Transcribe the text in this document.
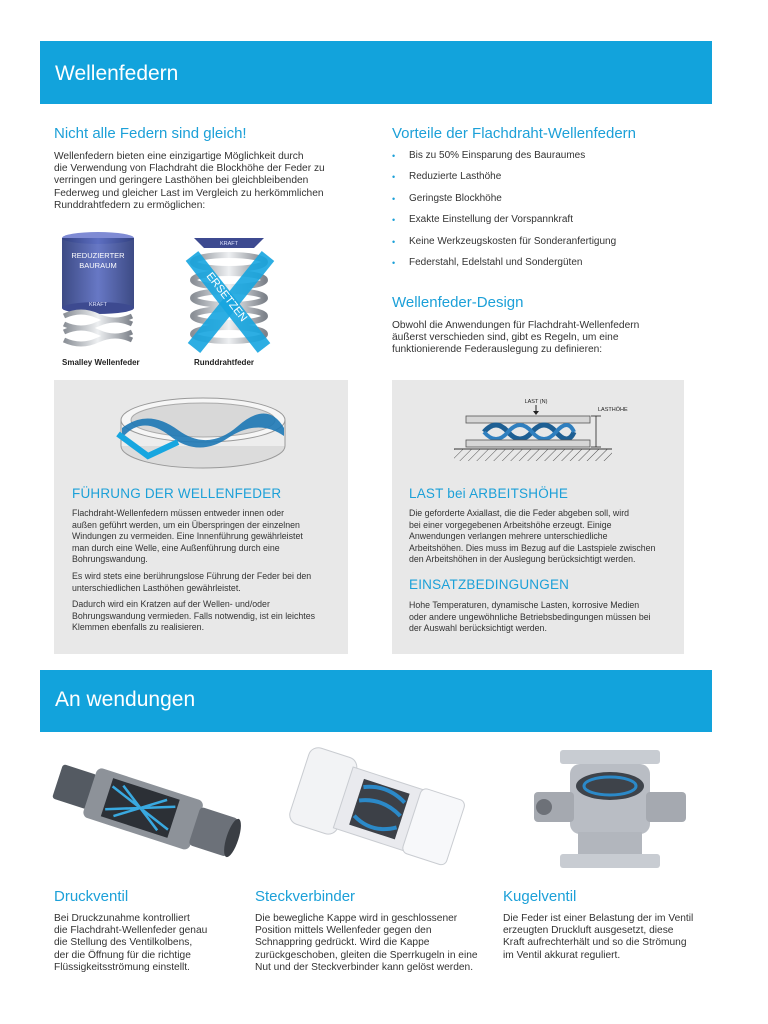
Wellenfedern
Nicht alle Federn sind gleich!
Wellenfedern bieten eine einzigartige Möglichkeit durch
die Verwendung von Flachdraht die Blockhöhe der Feder zu
verringen und geringere Lasthöhen bei gleichbleibenden
Federweg und gleicher Last im Vergleich zu herkömmlichen
Runddrahtfedern zu ermöglichen:
REDUZIERTER
BAURAUM
KRAFT
KRAFT
ERSETZEN
Smalley Wellenfeder	Runddrahtfeder
Vorteile der Flachdraht-Wellenfedern
• Bis zu 50% Einsparung des Bauraumes
• Reduzierte Lasthöhe
• Geringste Blockhöhe
• Exakte Einstellung der Vorspannkraft
• Keine Werkzeugskosten für Sonderanfertigung
• Federstahl, Edelstahl und Sondergüten
Wellenfeder-Design
Obwohl die Anwendungen für Flachdraht-Wellenfedern
äußerst verschieden sind, gibt es Regeln, um eine
funktionierende Federauslegung zu definieren:
FÜHRUNG DER WELLENFEDER
Flachdraht-Wellenfedern müssen entweder innen oder
außen geführt werden, um ein Überspringen der einzelnen
Windungen zu vermeiden. Eine Innenführung gewährleistet
man durch eine Welle, eine Außenführung durch eine
Bohrungswandung.
Es wird stets eine berührungslose Führung der Feder bei den
unterschiedlichen Lasthöhen gewährleistet.
Dadurch wird ein Kratzen auf der Wellen- und/oder
Bohrungswandung vermieden. Falls notwendig, ist ein leichtes
Klemmen ebenfalls zu realisieren.
LAST (N)
LASTHÖHE
LAST bei ARBEITSHÖHE
Die geforderte Axiallast, die die Feder abgeben soll, wird
bei einer vorgegebenen Arbeitshöhe erzeugt. Einige
Anwendungen verlangen mehrere unterschiedliche
Arbeitshöhen. Dies muss im Bezug auf die Lastspiele zwischen
den Arbeitshöhen in der Auslegung berücksichtigt werden.
EINSATZBEDINGUNGEN
Hohe Temperaturen, dynamische Lasten, korrosive Medien
oder andere ungewöhnliche Betriebsbedingungen müssen bei
der Auswahl berücksichtigt werden.
An wendungen
Druckventil
Bei Druckzunahme kontrolliert
die Flachdraht-Wellenfeder genau
die Stellung des Ventilkolbens,
der die Öffnung für die richtige
Flüssigkeitsströmung einstellt.
Steckverbinder
Die bewegliche Kappe wird in geschlossener
Position mittels Wellenfeder gegen den
Schnappring gedrückt. Wird die Kappe
zurückgeschoben, gleiten die Sperrkugeln in eine
Nut und der Steckverbinder kann gelöst werden.
Kugelventil
Die Feder ist einer Belastung der im Ventil
erzeugten Druckluft ausgesetzt, diese
Kraft aufrechterhält und so die Strömung
im Ventil akkurat reguliert.
